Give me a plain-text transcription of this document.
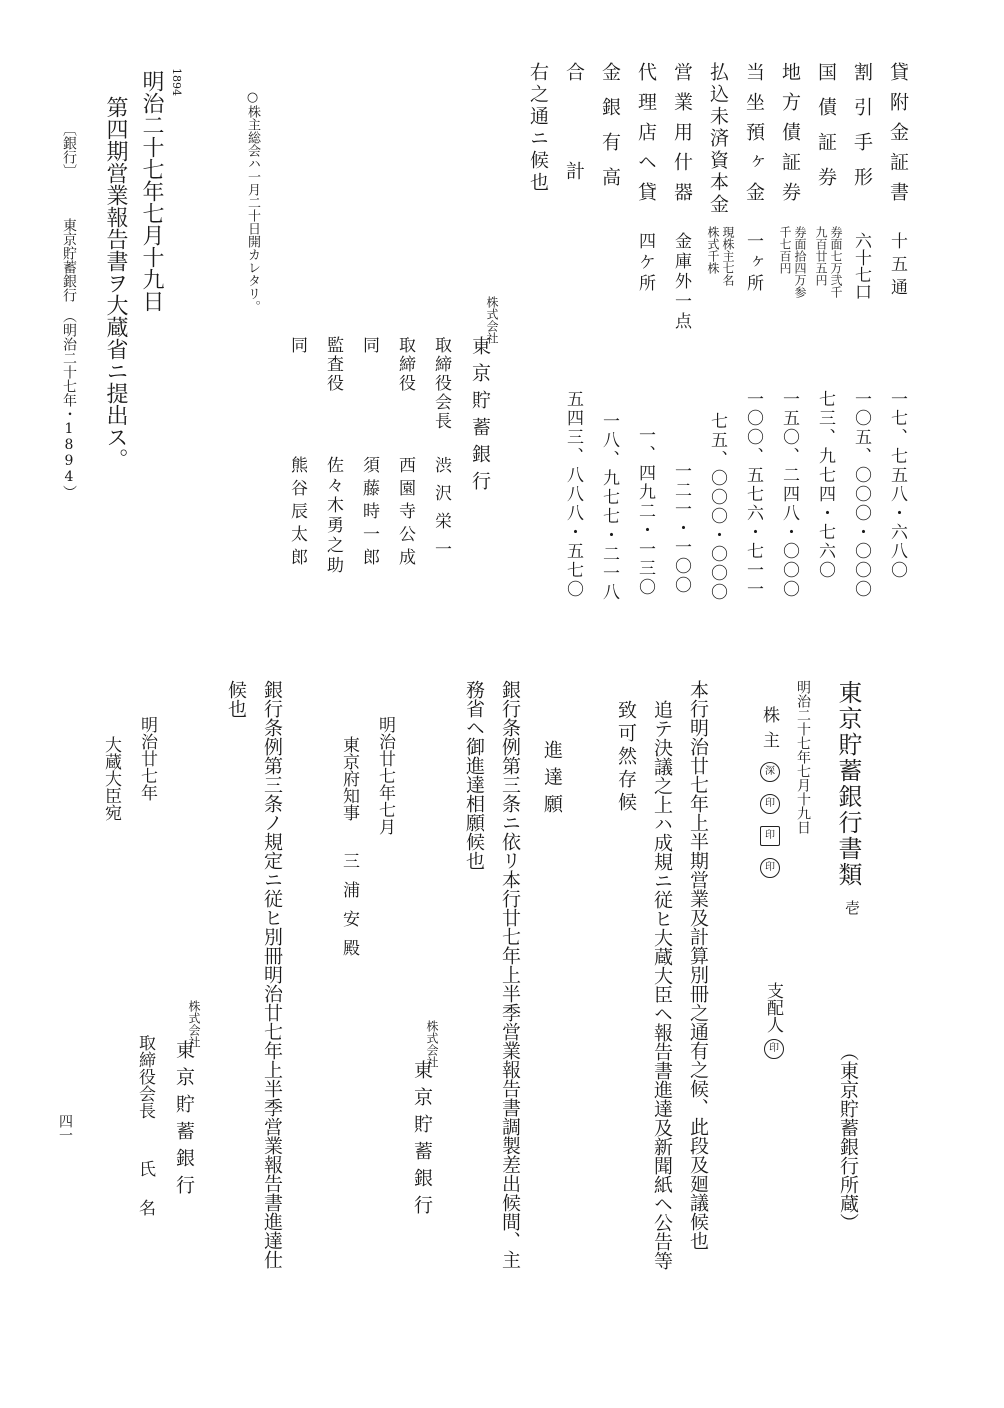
貸附金証書
十五通
一七、七五八・六八〇
割引手形
六十七口
一〇五、〇〇〇・〇〇〇
国債証券
券面七万弐千
九百廿五円
七三、九七四・七六〇
地方債証券
券面拾四万参
千七百円
一五〇、二四八・〇〇〇
当坐預ヶ金
一ヶ所
一〇〇、五七六・七一一
払込未済資本金
現株主七名
株式千株
七五、〇〇〇・〇〇〇
営業用什器
金庫外一点
一二一・一〇〇
代理店ヘ貸
四ケ所
一、四九二・一三〇
金銀有高
一八、九七七・二一八
合計
五四三、八八八・五七〇
右之通ニ候也
株式会社
東京貯蓄銀行
取締役会長
渋沢栄一
取締役
西園寺公成
同
須藤時一郎
監査役
佐々木勇之助
同
熊谷辰太郎
○株主総会ハ一月二十日開カレタリ。
1894
明治二十七年七月十九日
第四期営業報告書ヲ大蔵省ニ提出ス。
〔銀行〕
東京貯蓄銀行　（明治二十七年・1894）
東京貯蓄銀行書類
壱
（東京貯蓄銀行所蔵）
明治二十七年七月十九日
株主
深 印 印 印
支配人
印
本行明治廿七年上半期営業及計算別冊之通有之候、此段及廻議候也
追テ決議之上ハ成規ニ従ヒ大蔵大臣ヘ報告書進達及新聞紙ヘ公告等
致可然存候
進達願
銀行条例第三条ニ依リ本行廿七年上半季営業報告書調製差出候間、主
務省ヘ御進達相願候也
明治廿七年七月
株式会社
東京貯蓄銀行
東京府知事
三浦安殿
銀行条例第三条ノ規定ニ従ヒ別冊明治廿七年上半季営業報告書進達仕
候也
明治廿七年
大蔵大臣宛
株式会社
東京貯蓄銀行
取締役会長
氏名
四一
